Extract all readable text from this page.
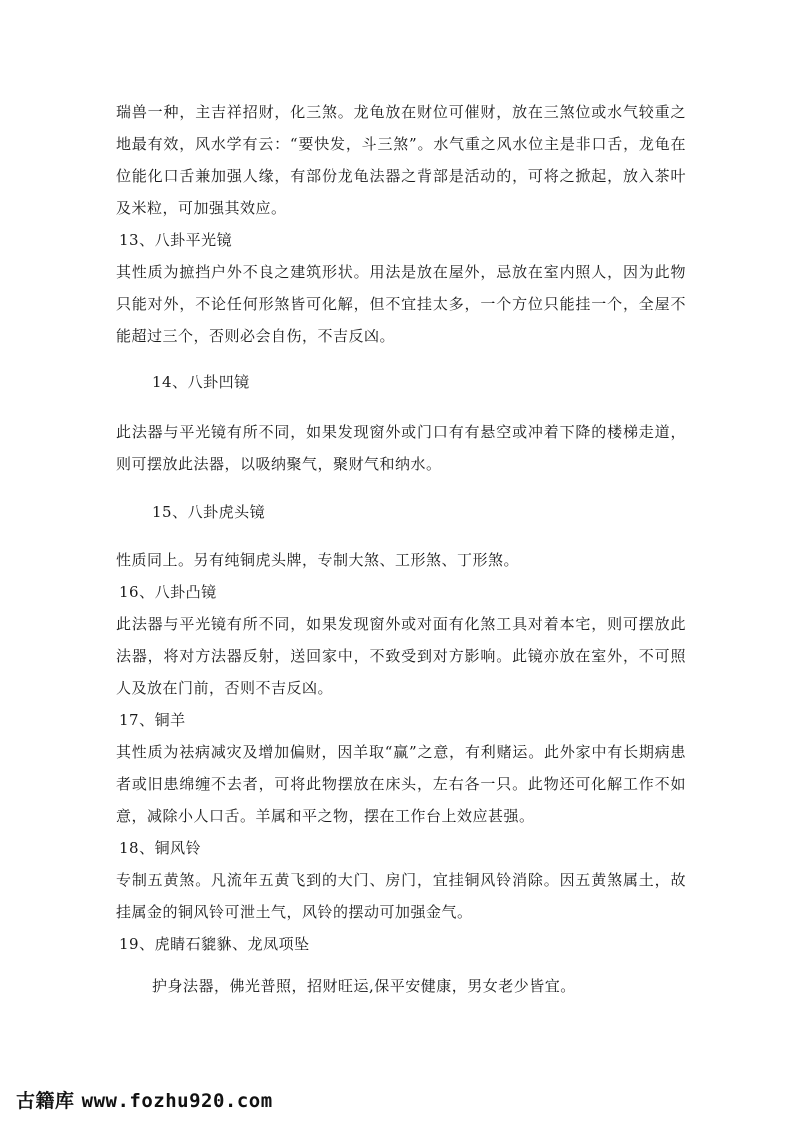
瑞兽一种，主吉祥招财，化三煞。龙龟放在财位可催财，放在三煞位或水气较重之地最有效，风水学有云：“要快发，斗三煞”。水气重之风水位主是非口舌，龙龟在位能化口舌兼加强人缘，有部份龙龟法器之背部是活动的，可将之掀起，放入茶叶及米粒，可加强其效应。

13、八卦平光镜

其性质为摭挡户外不良之建筑形状。用法是放在屋外，忌放在室内照人，因为此物只能对外，不论任何形煞皆可化解，但不宜挂太多，一个方位只能挂一个，全屋不能超过三个，否则必会自伤，不吉反凶。

14、八卦凹镜

此法器与平光镜有所不同，如果发现窗外或门口有有悬空或冲着下降的楼梯走道，则可摆放此法器，以吸纳聚气，聚财气和纳水。

15、八卦虎头镜

性质同上。另有纯铜虎头牌，专制大煞、工形煞、丁形煞。

16、八卦凸镜

此法器与平光镜有所不同，如果发现窗外或对面有化煞工具对着本宅，则可摆放此法器，将对方法器反射，送回家中，不致受到对方影响。此镜亦放在室外，不可照人及放在门前，否则不吉反凶。

17、铜羊

其性质为祛病减灾及增加偏财，因羊取“赢”之意，有利赌运。此外家中有长期病患者或旧患绵缠不去者，可将此物摆放在床头，左右各一只。此物还可化解工作不如意，减除小人口舌。羊属和平之物，摆在工作台上效应甚强。

18、铜风铃

专制五黄煞。凡流年五黄飞到的大门、房门，宜挂铜风铃消除。因五黄煞属土，故挂属金的铜风铃可泄土气，风铃的摆动可加强金气。

19、虎睛石貔貅、龙凤项坠

护身法器，佛光普照，招财旺运,保平安健康，男女老少皆宜。

古籍库 www.fozhu920.com
